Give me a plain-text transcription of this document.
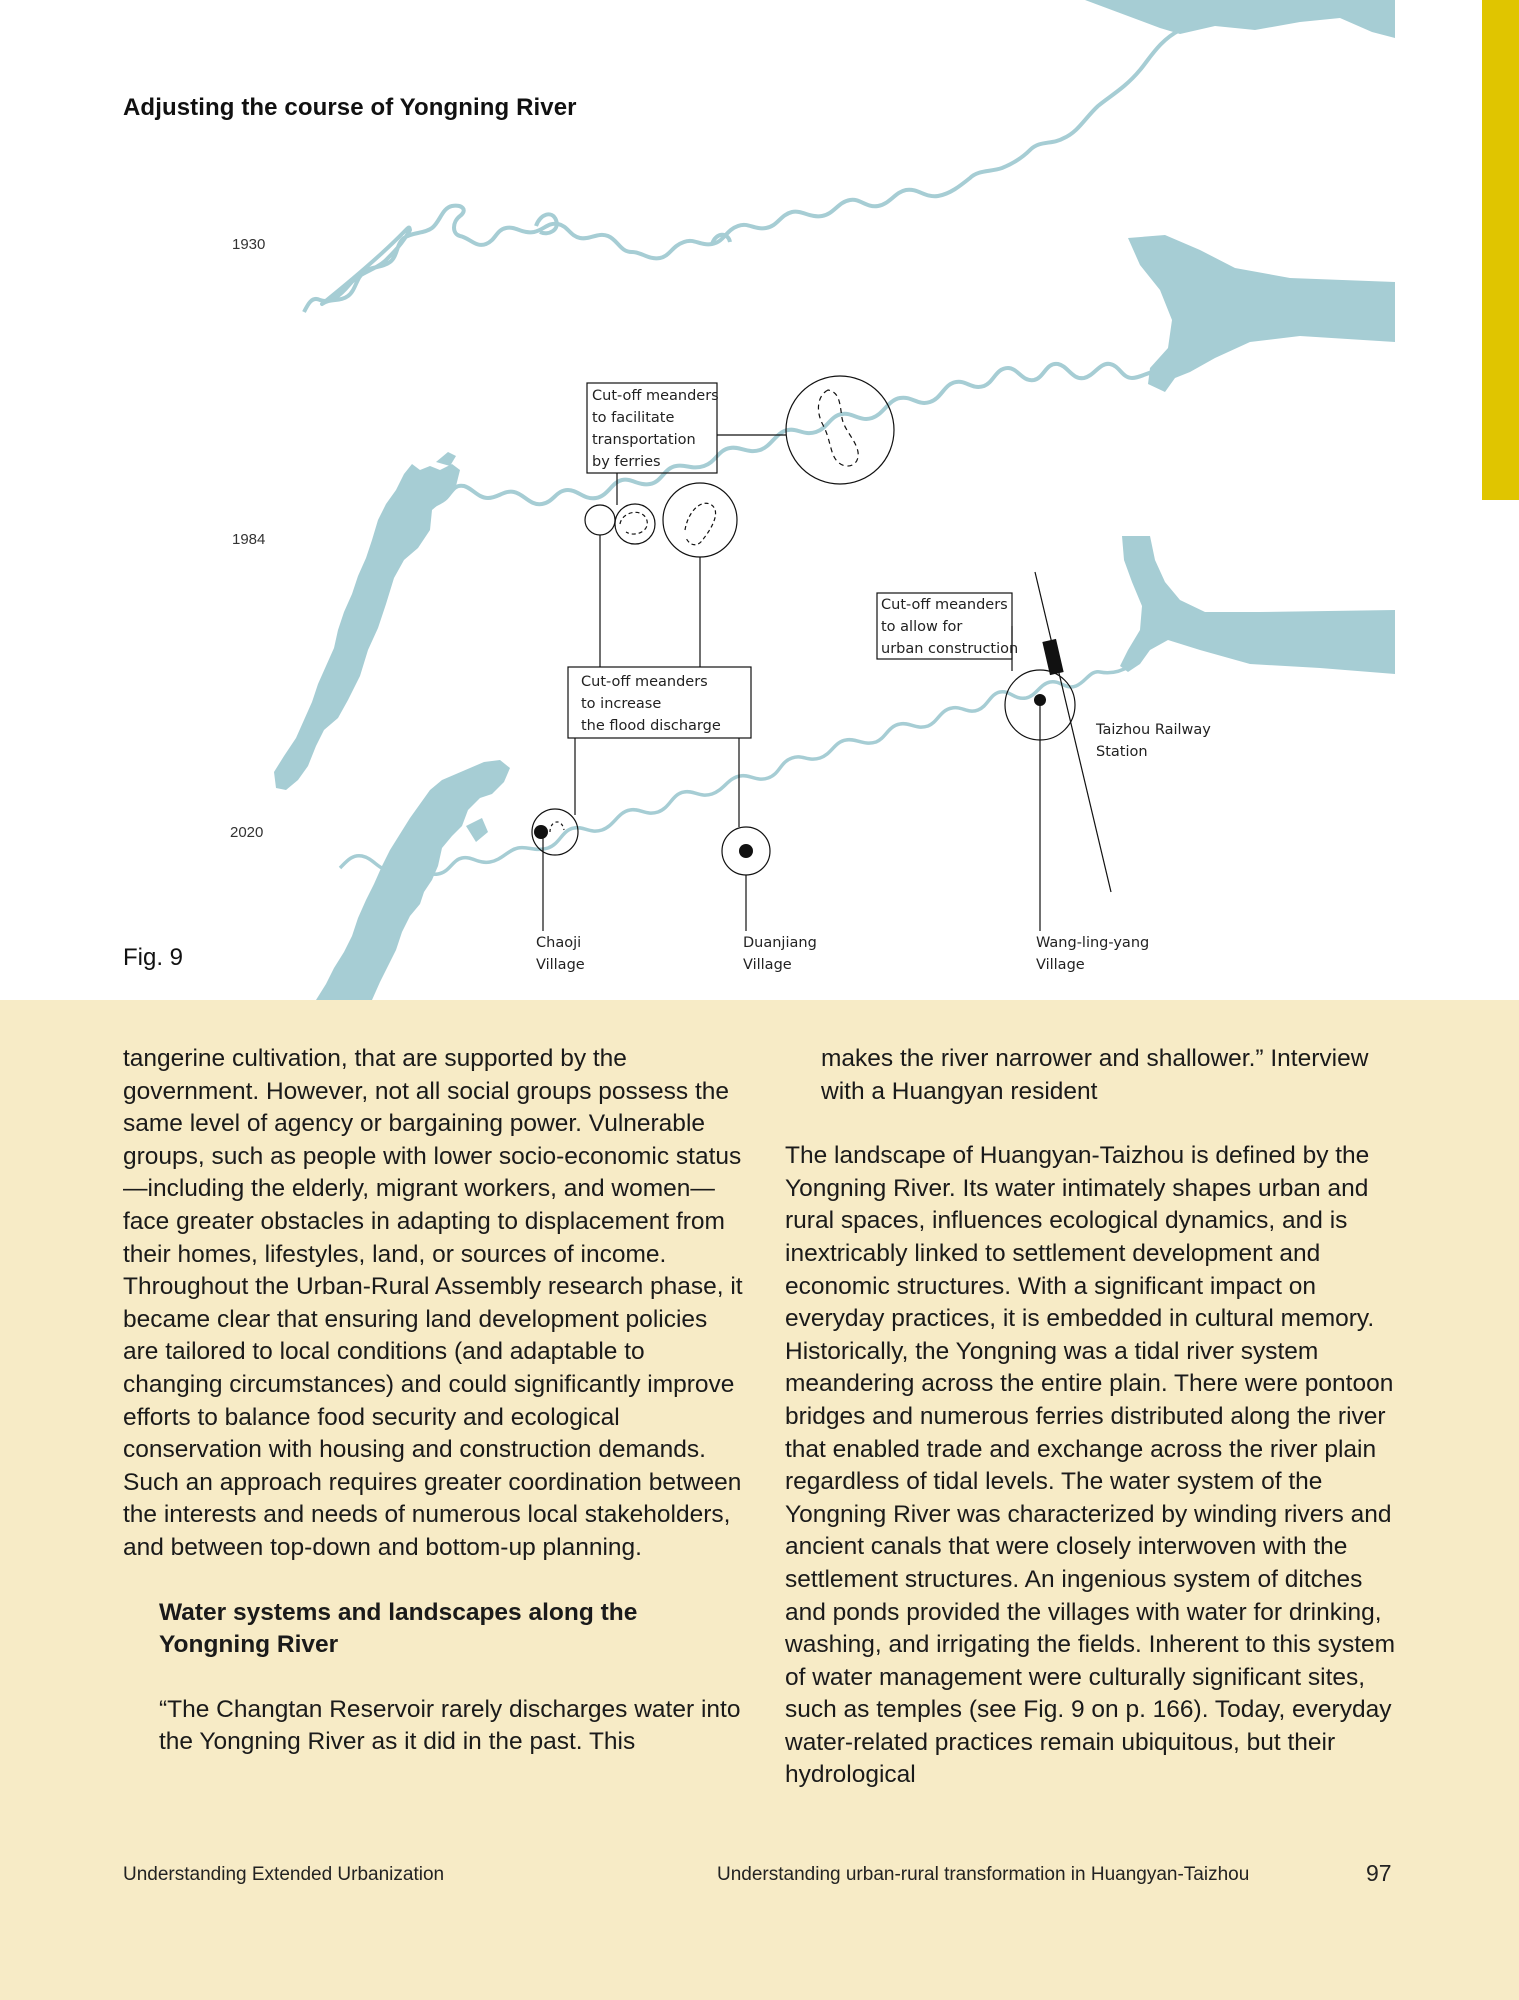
Adjusting the course of Yongning River
1930
1984
2020
Cut-off meanders
to facilitate
transportation
by ferries
Cut-off meanders
to increase
the flood discharge
Cut-off meanders
to allow for
urban construction
Taizhou Railway
Station
Chaoji
Village
Duanjiang
Village
Wang-ling-yang
Village
Fig. 9

tangerine cultivation, that are supported by the government. However, not all social groups possess the same level of agency or bargaining power. Vulnerable groups, such as people with lower socio-economic status—including the elderly, migrant workers, and women—face greater obstacles in adapting to displacement from their homes, lifestyles, land, or sources of income. Throughout the Urban-Rural Assembly research phase, it became clear that ensuring land development policies are tailored to local conditions (and adaptable to changing circumstances) and could significantly improve efforts to balance food security and ecological conservation with housing and construction demands. Such an approach requires greater coordination between the interests and needs of numerous local stakeholders, and between top-down and bottom-up planning.

Water systems and landscapes along the Yongning River

“The Changtan Reservoir rarely discharges water into the Yongning River as it did in the past. This

makes the river narrower and shallower.” Interview with a Huangyan resident

The landscape of Huangyan-Taizhou is defined by the Yongning River. Its water intimately shapes urban and rural spaces, influences ecological dynamics, and is inextricably linked to settlement development and economic structures. With a significant impact on everyday practices, it is embedded in cultural memory. Historically, the Yongning was a tidal river system meandering across the entire plain. There were pontoon bridges and numerous ferries distributed along the river that enabled trade and exchange across the river plain regardless of tidal levels. The water system of the Yongning River was characterized by winding rivers and ancient canals that were closely interwoven with the settlement structures. An ingenious system of ditches and ponds provided the villages with water for drinking, washing, and irrigating the fields. Inherent to this system of water management were culturally significant sites, such as temples (see Fig. 9 on p. 166). Today, everyday water-related practices remain ubiquitous, but their hydrological

Understanding Extended Urbanization	Understanding urban-rural transformation in Huangyan-Taizhou	97
